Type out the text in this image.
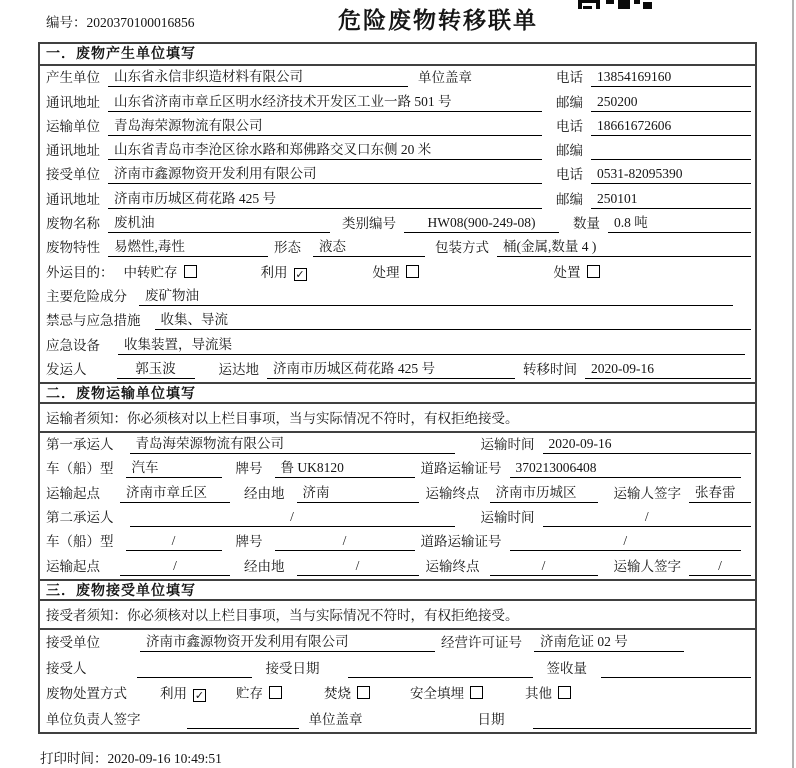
编号：2020370100016856	危险废物转移联单
一．废物产生单位填写
产生单位	山东省永信非织造材料有限公司	单位盖章	电话	13854169160
通讯地址	山东省济南市章丘区明水经济技术开发区工业一路 501 号	邮编	250200
运输单位	青岛海荣源物流有限公司	电话	18661672606
通讯地址	山东省青岛市李沧区徐水路和郑佛路交叉口东侧 20 米	邮编
接受单位	济南市鑫源物资开发利用有限公司	电话	0531-82095390
通讯地址	济南市历城区荷花路 425 号	邮编	250101
废物名称	废机油	类别编号	HW08(900-249-08)	数量	0.8 吨
废物特性	易燃性,毒性	形态	液态	包装方式	桶(金属,数量 4 )
外运目的： 中转贮存	利用 ✓	处理	处置
主要危险成分	废矿物油
禁忌与应急措施	收集、导流
应急设备	收集装置，导流渠
发运人	郭玉波	运达地	济南市历城区荷花路 425 号	转移时间	2020-09-16
二．废物运输单位填写
运输者须知：你必须核对以上栏目事项，当与实际情况不符时，有权拒绝接受。
第一承运人	青岛海荣源物流有限公司	运输时间	2020-09-16
车（船）型	汽车	牌号	鲁 UK8120	道路运输证号	370213006408
运输起点	济南市章丘区	经由地	济南	运输终点	济南市历城区	运输人签字	张春雷
第二承运人	/	运输时间	/
车（船）型	/	牌号	/	道路运输证号	/
运输起点	/	经由地	/	运输终点	/	运输人签字	/
三．废物接受单位填写
接受者须知：你必须核对以上栏目事项，当与实际情况不符时，有权拒绝接受。
接受单位	济南市鑫源物资开发利用有限公司	经营许可证号	济南危证 02 号
接受人	接受日期	签收量
废物处置方式 利用 ✓ 贮存	焚烧	安全填埋	其他
单位负责人签字	单位盖章	日期
打印时间：2020-09-16 10:49:51
